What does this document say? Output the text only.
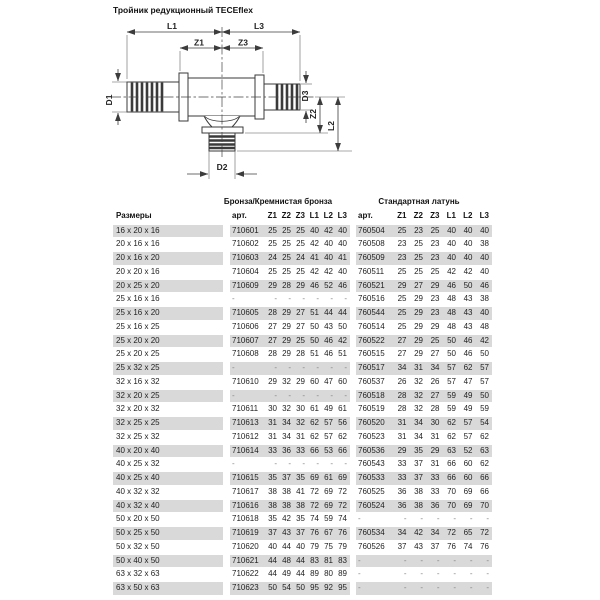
Тройник редукционный TECEflex
L1	L3
Z1	Z3
D1	D3
Z2
L2
D2
Бронза/Кремнистая бронза	Стандартная латунь
Размеры	арт.	Z1 Z2 Z3 L1 L2 L3	арт.	Z1 Z2 Z3 L1 L2 L3
16 x 20 x 16	710601	25 25 25 40 42 40	760504	25 23 25 40 40 40
20 x 16 x 16	710602	25 25 25 42 40 40	760508	23 25 23 40 40 38
20 x 16 x 20	710603	24 25 24 41 40 41	760509	23 25 23 40 40 40
20 x 20 x 16	710604	25 25 25 42 42 40	760511	25 25 25 42 42 40
20 x 25 x 20	710609	29 28 29 46 52 46	760521	29 27 29 46 50 46
25 x 16 x 16	-	-	-	-	-	-	-	760516	25 29 23 48 43 38
25 x 16 x 20	710605	28 29 27 51 44 44	760544	25 29 23 48 43 40
25 x 16 x 25	710606	27 29 27 50 43 50	760514	25 29 29 48 43 48
25 x 20 x 20	710607	27 29 25 50 46 42	760522	27 29 25 50 46 42
25 x 20 x 25	710608	28 29 28 51 46 51	760515	27 29 27 50 46 50
25 x 32 x 25	-	-	-	-	-	-	-	760517	34 31 34 57 62 57
32 x 16 x 32	710610	29 32 29 60 47 60	760537	26 32 26 57 47 57
32 x 20 x 25	-	-	-	-	-	-	-	760518	28 32 27 59 49 50
32 x 20 x 32	710611	30 32 30 61 49 61	760519	28 32 28 59 49 59
32 x 25 x 25	710613	31 34 32 62 57 56	760520	31 34 30 62 57 54
32 x 25 x 32	710612	31 34 31 62 57 62	760523	31 34 31 62 57 62
40 x 20 x 40	710614	33 36 33 66 53 66	760536	29 35 29 63 52 63
40 x 25 x 32	-	-	-	-	-	-	-	760543	33 37 31 66 60 62
40 x 25 x 40	710615	35 37 35 69 61 69	760533	33 37 33 66 60 66
40 x 32 x 32	710617	38 38 41 72 69 72	760525	36 38 33 70 69 66
40 x 32 x 40	710616	38 38 38 72 69 72	760524	36 38 36 70 69 70
50 x 20 x 50	710618	35 42 35 74 59 74	-	-	-	-	-	-	-
50 x 25 x 50	710619	37 43 37 76 67 76	760534	34 42 34 72 65 72
50 x 32 x 50	710620	40 44 40 79 75 79	760526	37 43 37 76 74 76
50 x 40 x 50	710621	44 48 44 83 81 83	-	-	-	-	-	-	-
63 x 32 x 63	710622	44 49 44 89 80 89	-	-	-	-	-	-	-
63 x 50 x 63	710623	50 54 50 95 92 95	-	-	-	-	-	-	-
